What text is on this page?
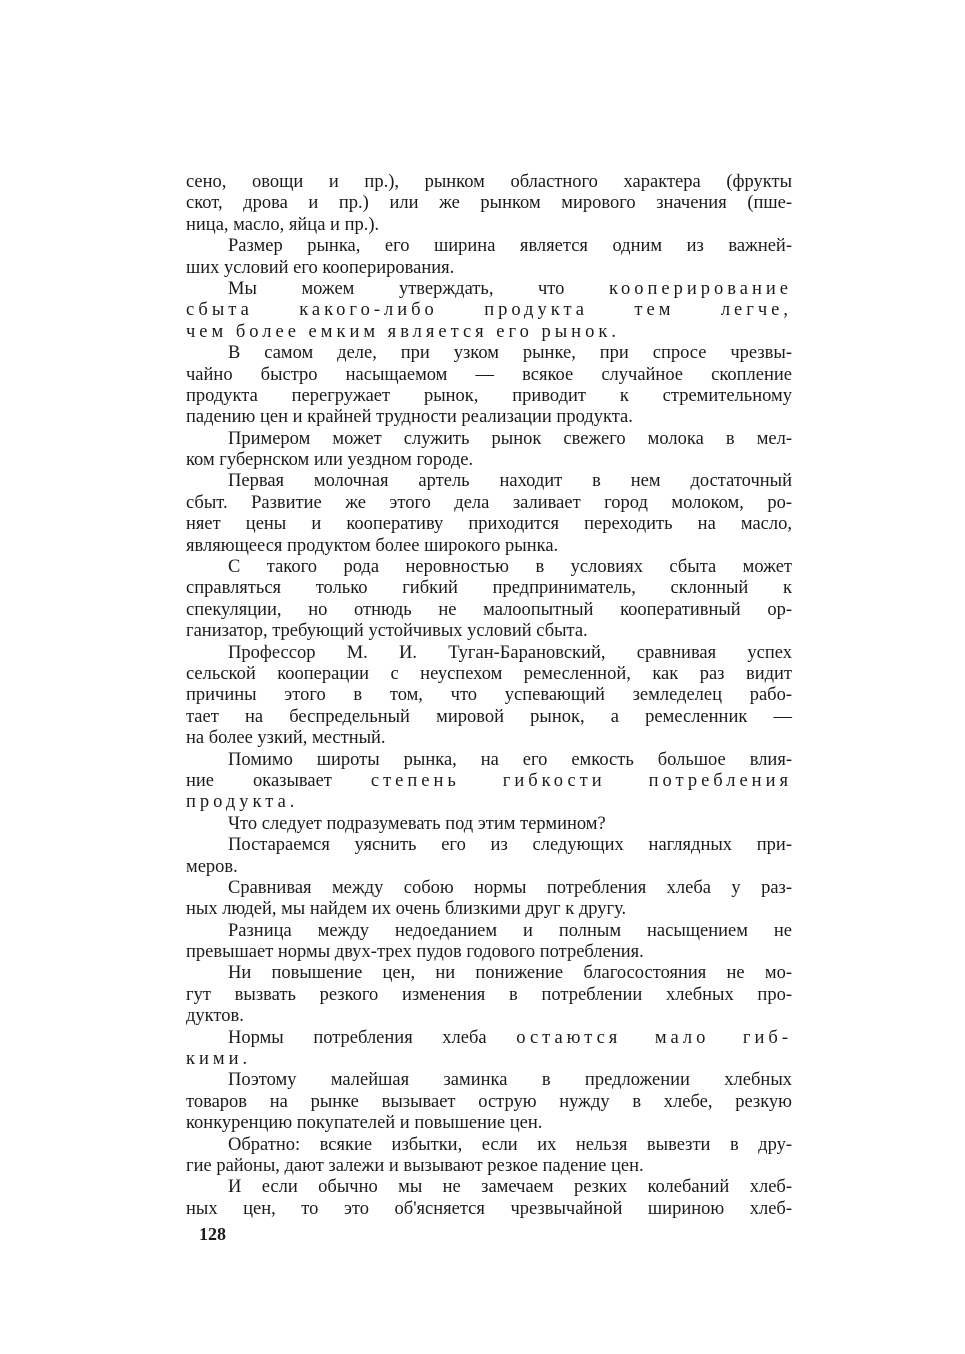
сено, овощи и пр.), рынком областного характера (фрукты
скот, дрова и пр.) или же рынком мирового значения (пше-
ница, масло, яйца и пр.).
Размер рынка, его ширина является одним из важней-
ших условий его кооперирования.
Мы можем утверждать, что кооперирование
сбыта какого-либо продукта тем легче,
чем более емким является его рынок.
В самом деле, при узком рынке, при спросе чрезвы-
чайно быстро насыщаемом — всякое случайное скопление
продукта перегружает рынок, приводит к стремительному
падению цен и крайней трудности реализации продукта.
Примером может служить рынок свежего молока в мел-
ком губернском или уездном городе.
Первая молочная артель находит в нем достаточный
сбыт. Развитие же этого дела заливает город молоком, ро-
няет цены и кооперативу приходится переходить на масло,
являющееся продуктом более широкого рынка.
С такого рода неровностью в условиях сбыта может
справляться только гибкий предприниматель, склонный к
спекуляции, но отнюдь не малоопытный кооперативный ор-
ганизатор, требующий устойчивых условий сбыта.
Профессор М. И. Туган-Барановский, сравнивая успех
сельской кооперации с неуспехом ремесленной, как раз видит
причины этого в том, что успевающий земледелец рабо-
тает на беспредельный мировой рынок, а ремесленник —
на более узкий, местный.
Помимо широты рынка, на его емкость большое влия-
ние оказывает степень гибкости потребления
продукта.
Что следует подразумевать под этим термином?
Постараемся уяснить его из следующих наглядных при-
меров.
Сравнивая между собою нормы потребления хлеба у раз-
ных людей, мы найдем их очень близкими друг к другу.
Разница между недоеданием и полным насыщением не
превышает нормы двух-трех пудов годового потребления.
Ни повышение цен, ни понижение благосостояния не мо-
гут вызвать резкого изменения в потреблении хлебных про-
дуктов.
Нормы потребления хлеба остаются мало гиб-
кими.
Поэтому малейшая заминка в предложении хлебных
товаров на рынке вызывает острую нужду в хлебе, резкую
конкуренцию покупателей и повышение цен.
Обратно: всякие избытки, если их нельзя вывезти в дру-
гие районы, дают залежи и вызывают резкое падение цен.
И если обычно мы не замечаем резких колебаний хлеб-
ных цен, то это об'ясняется чрезвычайной шириною хлеб-
128
